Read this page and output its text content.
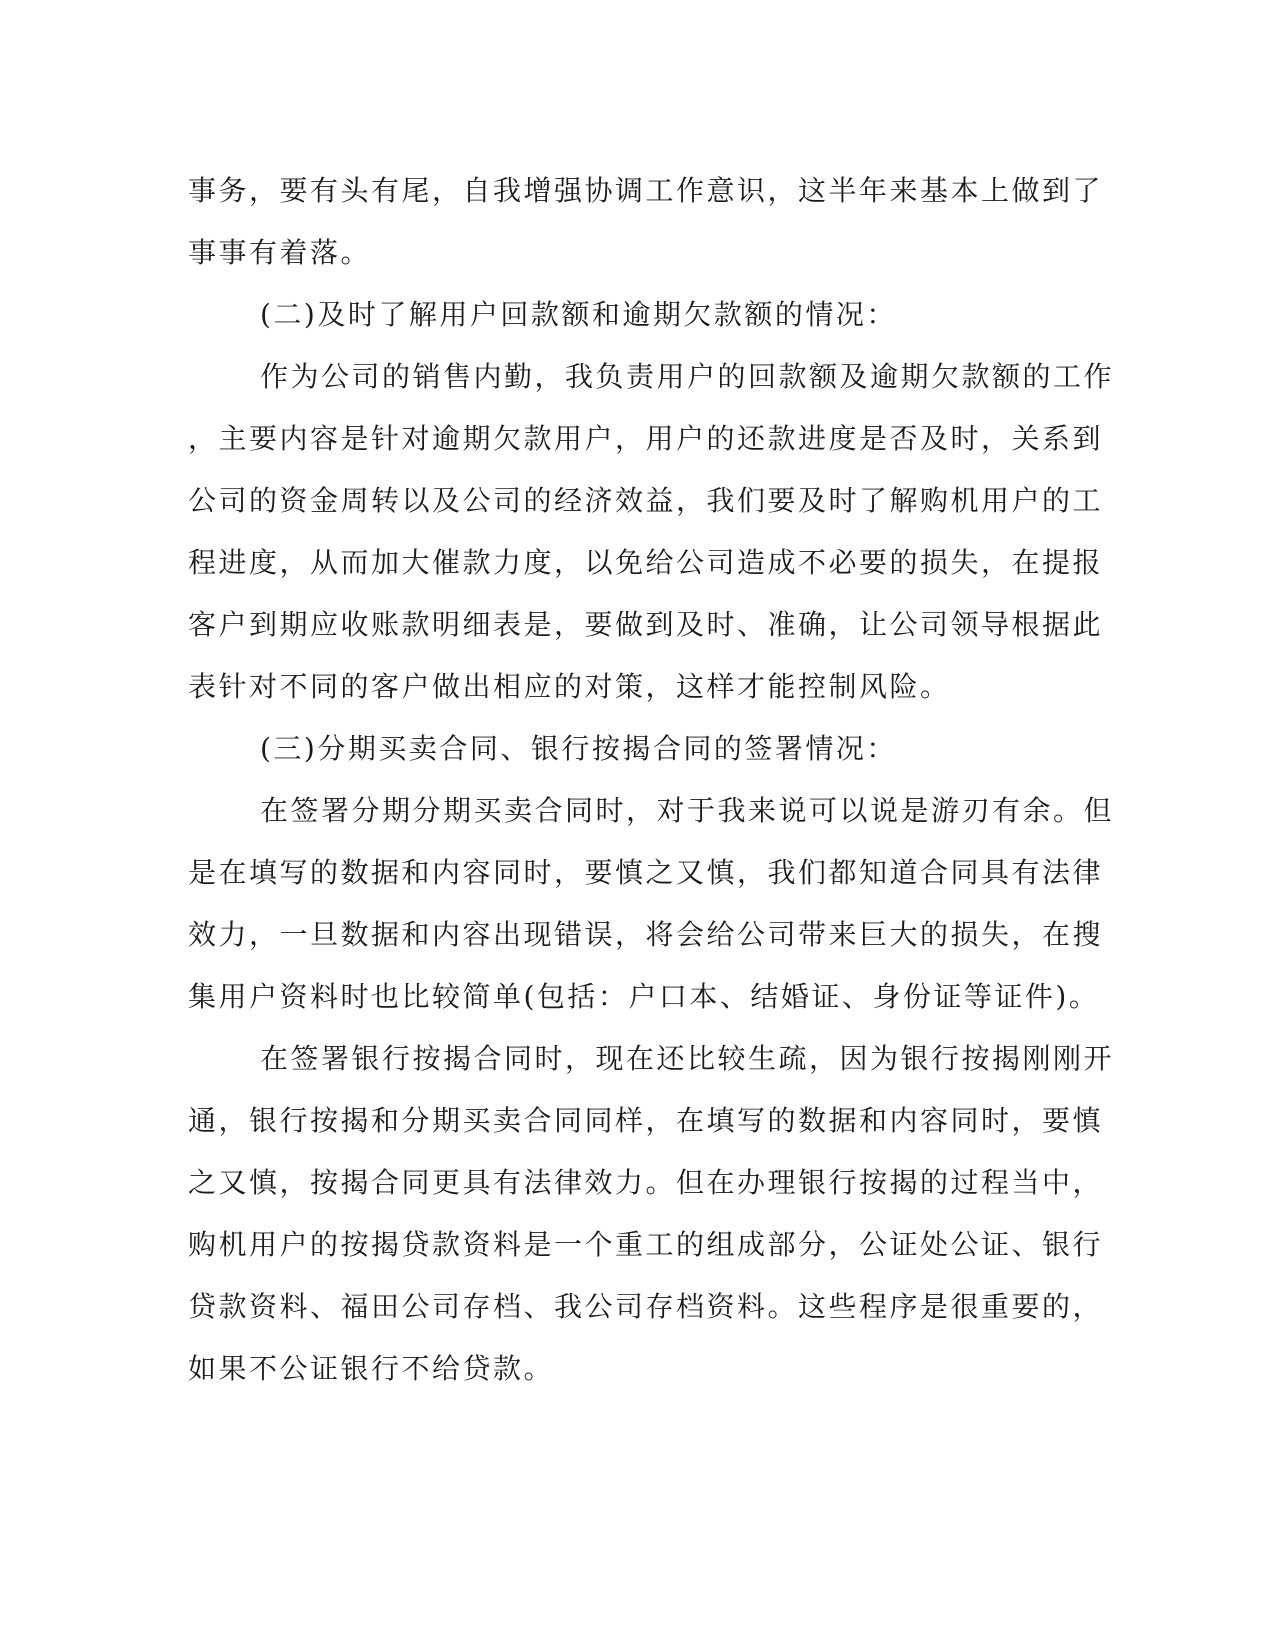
事务，要有头有尾，自我增强协调工作意识，这半年来基本上做到了
事事有着落。
(二)及时了解用户回款额和逾期欠款额的情况：
作为公司的销售内勤，我负责用户的回款额及逾期欠款额的工作
，主要内容是针对逾期欠款用户，用户的还款进度是否及时，关系到
公司的资金周转以及公司的经济效益，我们要及时了解购机用户的工
程进度，从而加大催款力度，以免给公司造成不必要的损失，在提报
客户到期应收账款明细表是，要做到及时、准确，让公司领导根据此
表针对不同的客户做出相应的对策，这样才能控制风险。
(三)分期买卖合同、银行按揭合同的签署情况：
在签署分期分期买卖合同时，对于我来说可以说是游刃有余。但
是在填写的数据和内容同时，要慎之又慎，我们都知道合同具有法律
效力，一旦数据和内容出现错误，将会给公司带来巨大的损失，在搜
集用户资料时也比较简单(包括：户口本、结婚证、身份证等证件)。
在签署银行按揭合同时，现在还比较生疏，因为银行按揭刚刚开
通，银行按揭和分期买卖合同同样，在填写的数据和内容同时，要慎
之又慎，按揭合同更具有法律效力。但在办理银行按揭的过程当中，
购机用户的按揭贷款资料是一个重工的组成部分，公证处公证、银行
贷款资料、福田公司存档、我公司存档资料。这些程序是很重要的，
如果不公证银行不给贷款。
